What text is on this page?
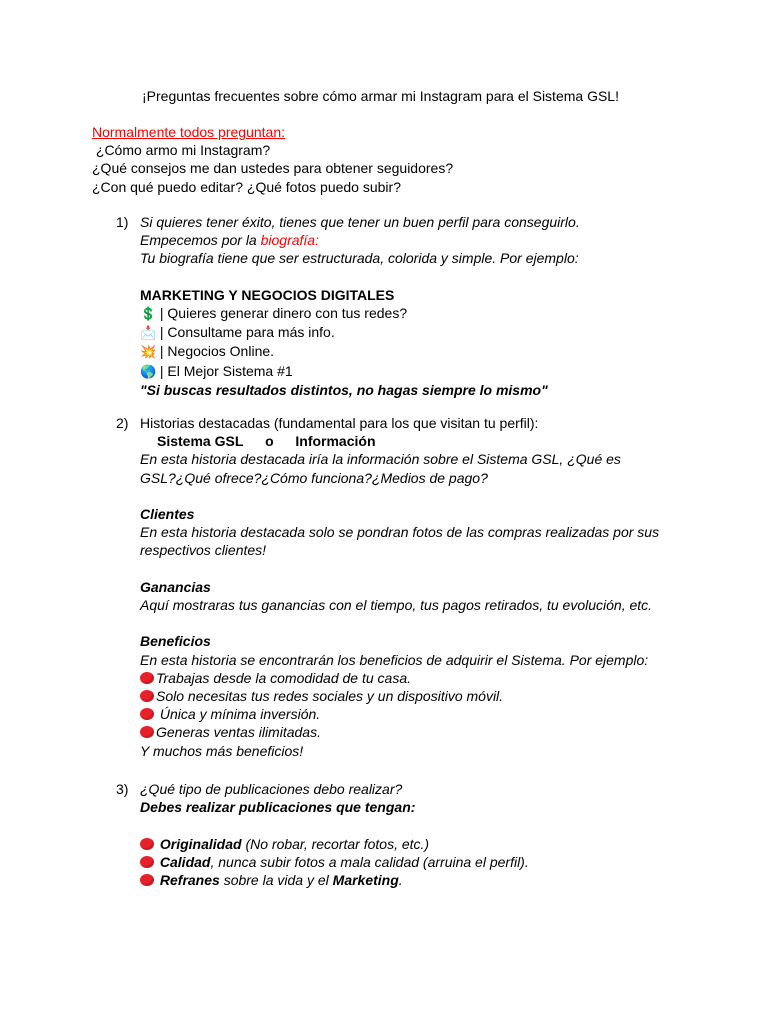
¡Preguntas frecuentes sobre cómo armar mi Instagram para el Sistema GSL!
Normalmente todos preguntan:
¿Cómo armo mi Instagram?
¿Qué consejos me dan ustedes para obtener seguidores?
¿Con qué puedo editar? ¿Qué fotos puedo subir?
1) Si quieres tener éxito, tienes que tener un buen perfil para conseguirlo.
Empecemos por la biografía:
Tu biografía tiene que ser estructurada, colorida y simple. Por ejemplo:
MARKETING Y NEGOCIOS DIGITALES
💲 | Quieres generar dinero con tus redes?
📩 | Consultame para más info.
💥 | Negocios Online.
🌎 | El Mejor Sistema #1
"Si buscas resultados distintos, no hagas siempre lo mismo"
2) Historias destacadas (fundamental para los que visitan tu perfil):
Sistema GSL o Información
En esta historia destacada iría la información sobre el Sistema GSL, ¿Qué es
GSL?¿Qué ofrece?¿Cómo funciona?¿Medios de pago?
Clientes
En esta historia destacada solo se pondran fotos de las compras realizadas por sus
respectivos clientes!
Ganancias
Aquí mostraras tus ganancias con el tiempo, tus pagos retirados, tu evolución, etc.
Beneficios
En esta historia se encontrarán los beneficios de adquirir el Sistema. Por ejemplo:
Trabajas desde la comodidad de tu casa.
Solo necesitas tus redes sociales y un dispositivo móvil.
Única y mínima inversión.
Generas ventas ilimitadas.
Y muchos más beneficios!
3) ¿Qué tipo de publicaciones debo realizar?
Debes realizar publicaciones que tengan:
Originalidad (No robar, recortar fotos, etc.)
Calidad, nunca subir fotos a mala calidad (arruina el perfil).
Refranes sobre la vida y el Marketing.
